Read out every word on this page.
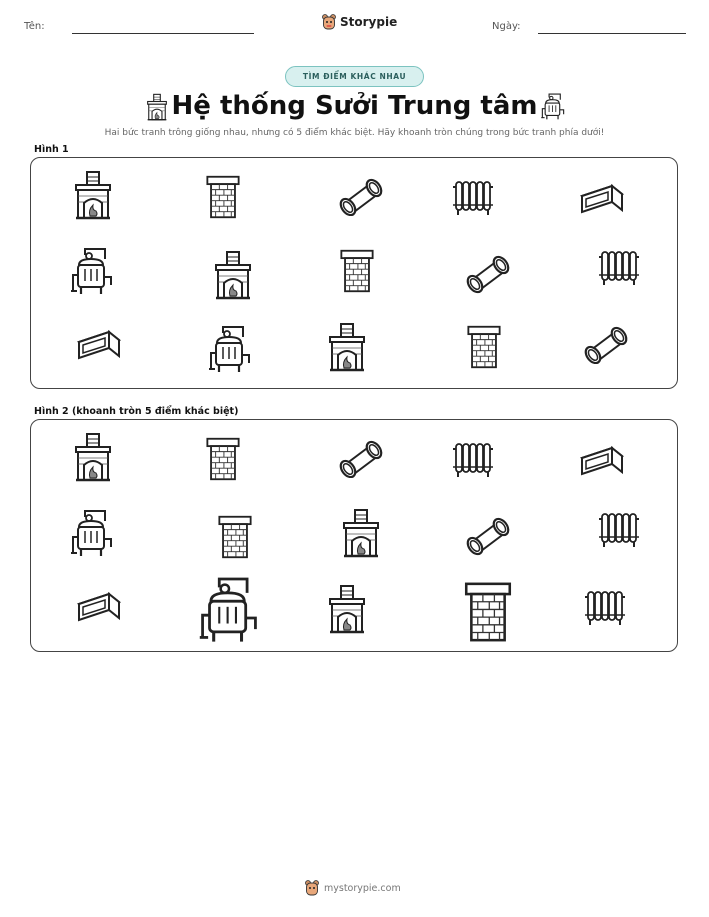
Tên:	Storypie	Ngày:
TÌM ĐIỂM KHÁC NHAU
Hệ thống Sưởi Trung tâm
Hai bức tranh trông giống nhau, nhưng có 5 điểm khác biệt. Hãy khoanh tròn chúng trong bức tranh phía dưới!
Hình 1
Hình 2 (khoanh tròn 5 điểm khác biệt)
mystorypie.com
